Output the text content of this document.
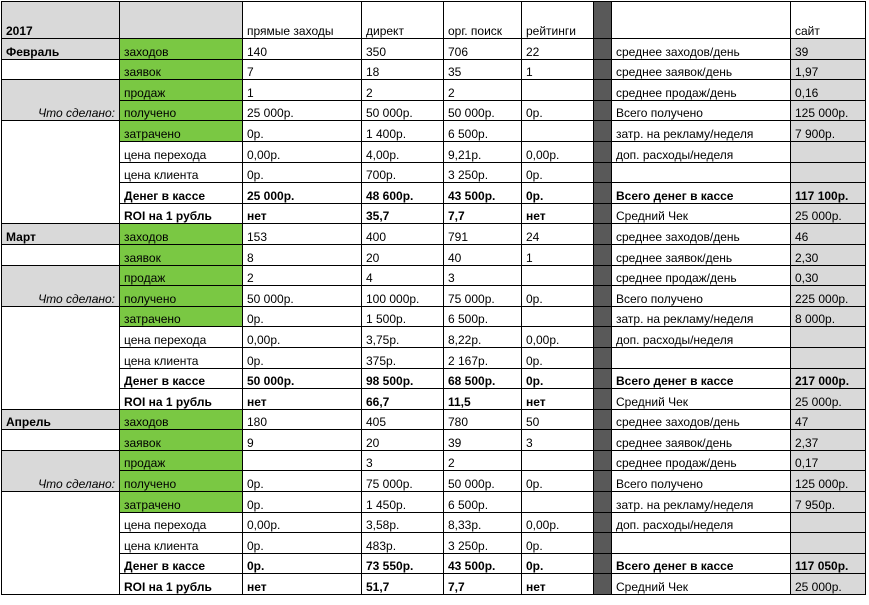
2017		прямые заходы	директ	орг. поиск	рейтинги			сайт
Февраль	заходов	140	350	706	22		среднее заходов/день	39
	заявок	7	18	35	1		среднее заявок/день	1,97
	продаж	1	2	2			среднее продаж/день	0,16
Что сделано:	получено	25 000р.	50 000р.	50 000р.	0р.		Всего получено	125 000р.
	затрачено	0р.	1 400р.	6 500р.			затр. на рекламу/неделя	7 900р.
	цена перехода	0,00р.	4,00р.	9,21р.	0,00р.		доп. расходы/неделя	
	цена клиента	0р.	700р.	3 250р.	0р.			
	Денег в кассе	25 000р.	48 600р.	43 500р.	0р.		Всего денег в кассе	117 100р.
	ROI на 1 рубль	нет	35,7	7,7	нет		Средний Чек	25 000р.
Март	заходов	153	400	791	24		среднее заходов/день	46
	заявок	8	20	40	1		среднее заявок/день	2,30
	продаж	2	4	3			среднее продаж/день	0,30
Что сделано:	получено	50 000р.	100 000р.	75 000р.	0р.		Всего получено	225 000р.
	затрачено	0р.	1 500р.	6 500р.			затр. на рекламу/неделя	8 000р.
	цена перехода	0,00р.	3,75р.	8,22р.	0,00р.		доп. расходы/неделя	
	цена клиента	0р.	375р.	2 167р.	0р.			
	Денег в кассе	50 000р.	98 500р.	68 500р.	0р.		Всего денег в кассе	217 000р.
	ROI на 1 рубль	нет	66,7	11,5	нет		Средний Чек	25 000р.
Апрель	заходов	180	405	780	50		среднее заходов/день	47
	заявок	9	20	39	3		среднее заявок/день	2,37
	продаж		3	2			среднее продаж/день	0,17
Что сделано:	получено	0р.	75 000р.	50 000р.	0р.		Всего получено	125 000р.
	затрачено	0р.	1 450р.	6 500р.			затр. на рекламу/неделя	7 950р.
	цена перехода	0,00р.	3,58р.	8,33р.	0,00р.		доп. расходы/неделя	
	цена клиента	0р.	483р.	3 250р.	0р.			
	Денег в кассе	0р.	73 550р.	43 500р.	0р.		Всего денег в кассе	117 050р.
	ROI на 1 рубль	нет	51,7	7,7	нет		Средний Чек	25 000р.
